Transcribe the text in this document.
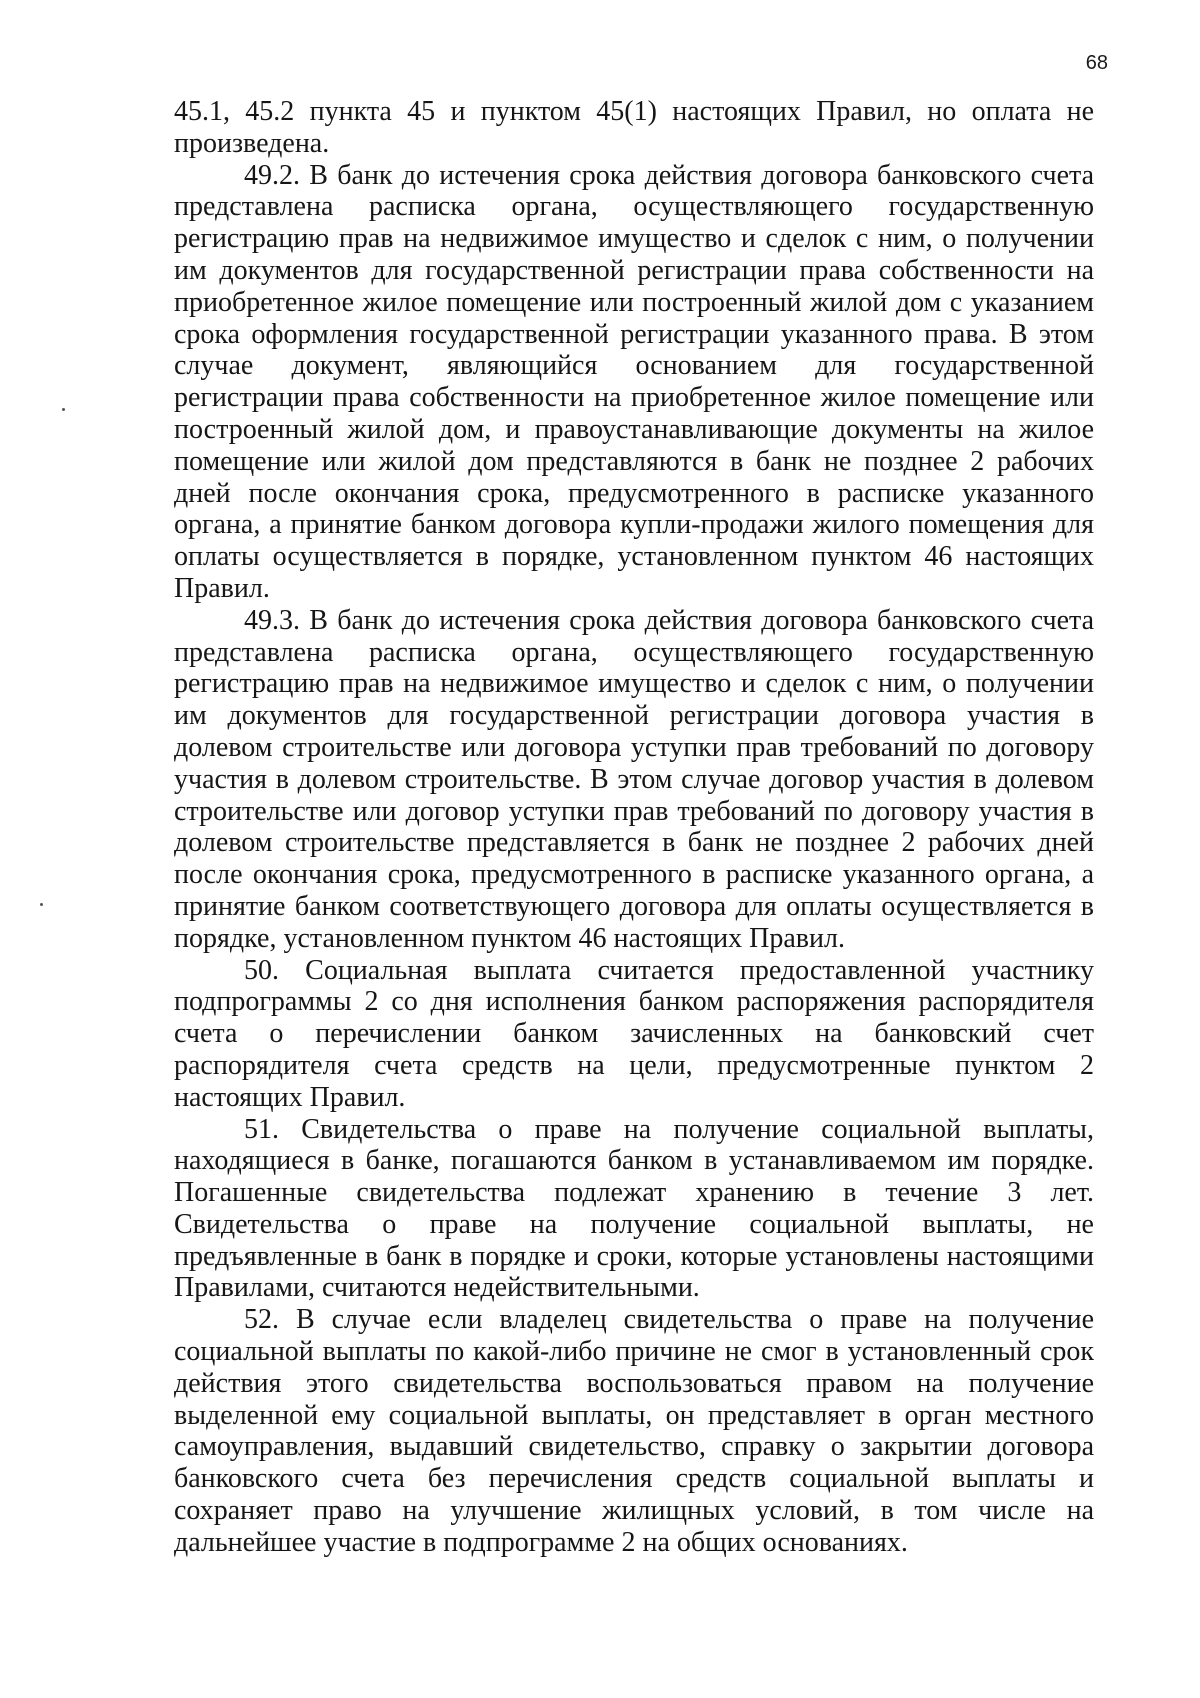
68

45.1, 45.2 пункта 45 и пунктом 45(1) настоящих Правил, но оплата не произведена.

49.2. В банк до истечения срока действия договора банковского счета представлена расписка органа, осуществляющего государственную регистрацию прав на недвижимое имущество и сделок с ним, о получении им документов для государственной регистрации права собственности на приобретенное жилое помещение или построенный жилой дом с указанием срока оформления государственной регистрации указанного права. В этом случае документ, являющийся основанием для государственной регистрации права собственности на приобретенное жилое помещение или построенный жилой дом, и правоустанавливающие документы на жилое помещение или жилой дом представляются в банк не позднее 2 рабочих дней после окончания срока, предусмотренного в расписке указанного органа, а принятие банком договора купли-продажи жилого помещения для оплаты осуществляется в порядке, установленном пунктом 46 настоящих Правил.

49.3. В банк до истечения срока действия договора банковского счета представлена расписка органа, осуществляющего государственную регистрацию прав на недвижимое имущество и сделок с ним, о получении им документов для государственной регистрации договора участия в долевом строительстве или договора уступки прав требований по договору участия в долевом строительстве. В этом случае договор участия в долевом строительстве или договор уступки прав требований по договору участия в долевом строительстве представляется в банк не позднее 2 рабочих дней после окончания срока, предусмотренного в расписке указанного органа, а принятие банком соответствующего договора для оплаты осуществляется в порядке, установленном пунктом 46 настоящих Правил.

50. Социальная выплата считается предоставленной участнику подпрограммы 2 со дня исполнения банком распоряжения распорядителя счета о перечислении банком зачисленных на банковский счет распорядителя счета средств на цели, предусмотренные пунктом 2 настоящих Правил.

51. Свидетельства о праве на получение социальной выплаты, находящиеся в банке, погашаются банком в устанавливаемом им порядке. Погашенные свидетельства подлежат хранению в течение 3 лет. Свидетельства о праве на получение социальной выплаты, не предъявленные в банк в порядке и сроки, которые установлены настоящими Правилами, считаются недействительными.

52. В случае если владелец свидетельства о праве на получение социальной выплаты по какой-либо причине не смог в установленный срок действия этого свидетельства воспользоваться правом на получение выделенной ему социальной выплаты, он представляет в орган местного самоуправления, выдавший свидетельство, справку о закрытии договора банковского счета без перечисления средств социальной выплаты и сохраняет право на улучшение жилищных условий, в том числе на дальнейшее участие в подпрограмме 2 на общих основаниях.
